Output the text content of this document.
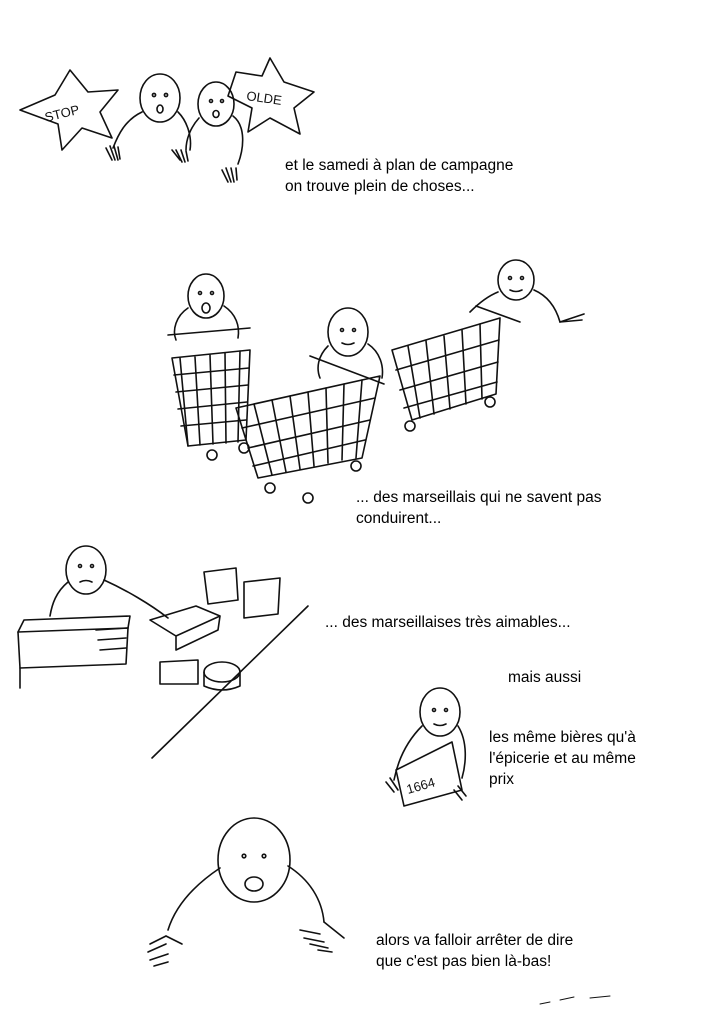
STOP
OLDE
1664
et le samedi à plan de campagne
on trouve plein de choses...
... des marseillais qui ne savent pas
conduirent...
... des marseillaises très aimables...
mais aussi
les même bières qu'à
l'épicerie et au même
prix
alors va falloir arrêter de dire
que c'est pas bien là-bas!
